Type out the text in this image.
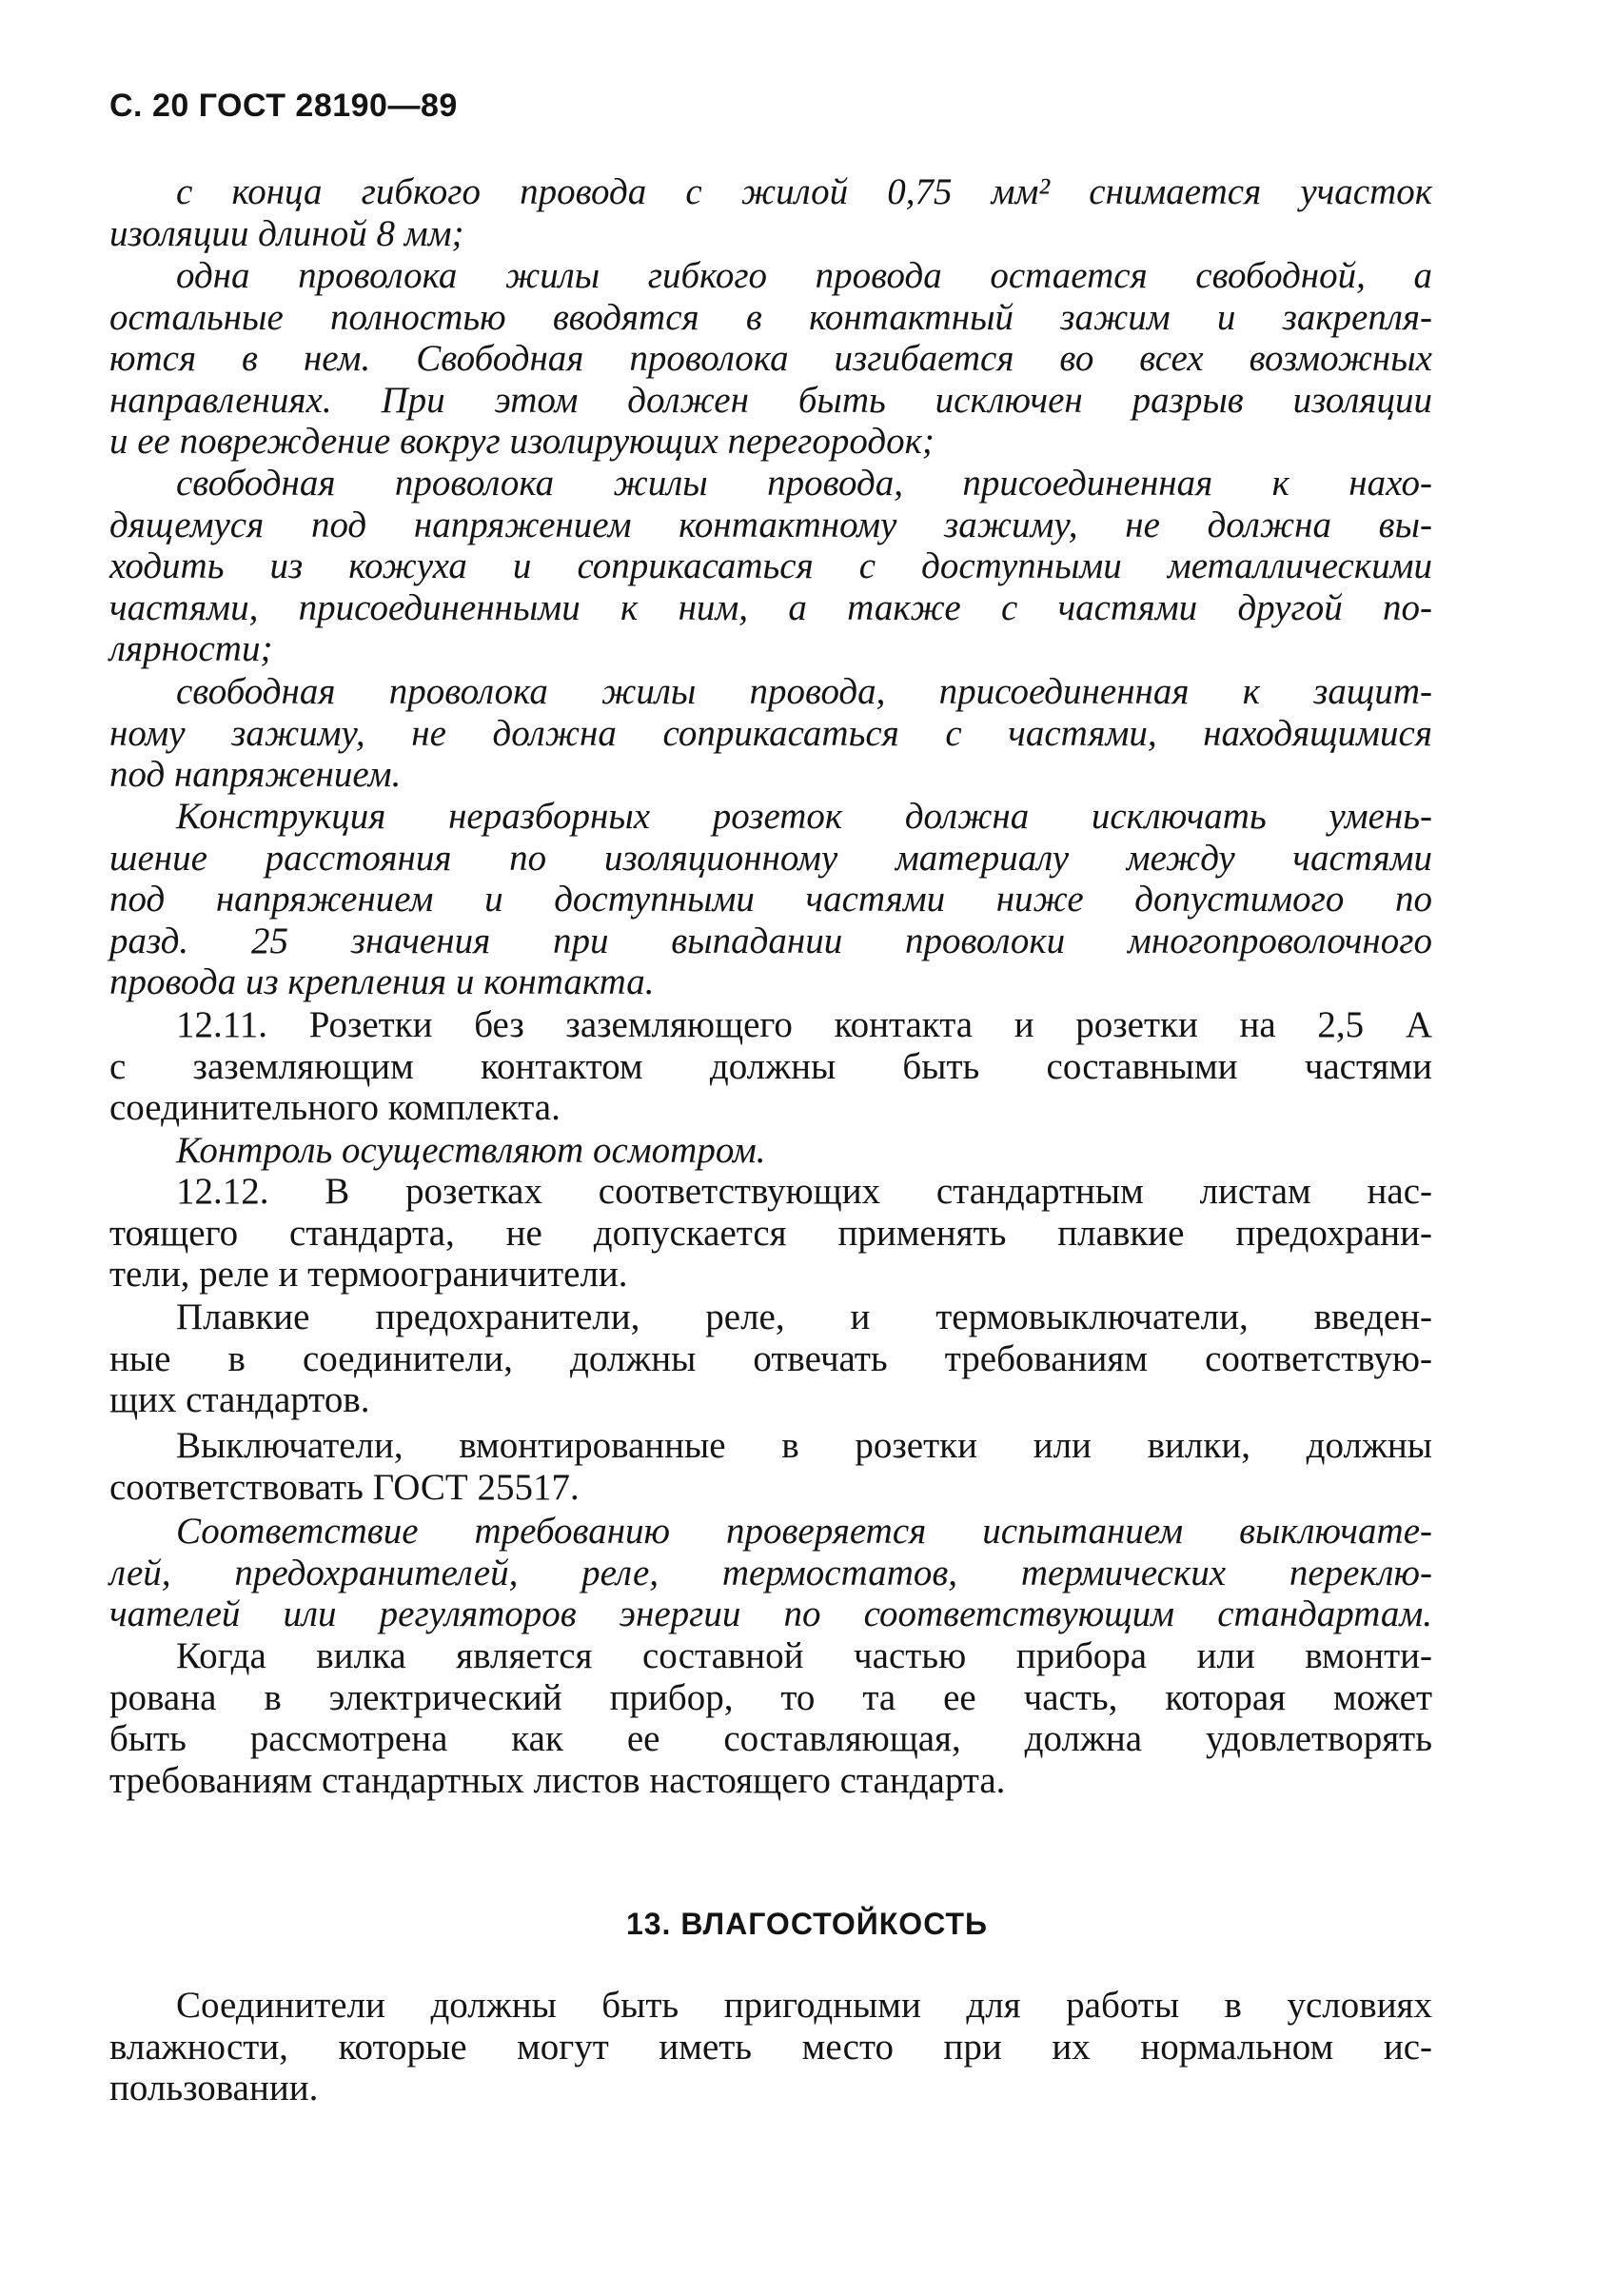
С. 20 ГОСТ 28190—89
с конца гибкого провода с жилой 0,75 мм² снимается участок
изоляции длиной 8 мм;
одна проволока жилы гибкого провода остается свободной, а
остальные полностью вводятся в контактный зажим и закрепля-
ются в нем. Свободная проволока изгибается во всех возможных
направлениях. При этом должен быть исключен разрыв изоляции
и ее повреждение вокруг изолирующих перегородок;
свободная проволока жилы провода, присоединенная к нахо-
дящемуся под напряжением контактному зажиму, не должна вы-
ходить из кожуха и соприкасаться с доступными металлическими
частями, присоединенными к ним, а также с частями другой по-
лярности;
свободная проволока жилы провода, присоединенная к защит-
ному зажиму, не должна соприкасаться с частями, находящимися
под напряжением.
Конструкция неразборных розеток должна исключать умень-
шение расстояния по изоляционному материалу между частями
под напряжением и доступными частями ниже допустимого по
разд. 25 значения при выпадании проволоки многопроволочного
провода из крепления и контакта.
12.11. Розетки без заземляющего контакта и розетки на 2,5 А
с заземляющим контактом должны быть составными частями
соединительного комплекта.
Контроль осуществляют осмотром.
12.12. В розетках соответствующих стандартным листам нас-
тоящего стандарта, не допускается применять плавкие предохрани-
тели, реле и термоограничители.
Плавкие предохранители, реле, и термовыключатели, введен-
ные в соединители, должны отвечать требованиям соответствую-
щих стандартов.
Выключатели, вмонтированные в розетки или вилки, должны
соответствовать ГОСТ 25517.
Соответствие требованию проверяется испытанием выключате-
лей, предохранителей, реле, термостатов, термических переклю-
чателей или регуляторов энергии по соответствующим стандартам.
Когда вилка является составной частью прибора или вмонти-
рована в электрический прибор, то та ее часть, которая может
быть рассмотрена как ее составляющая, должна удовлетворять
требованиям стандартных листов настоящего стандарта.
13. ВЛАГОСТОЙКОСТЬ
Соединители должны быть пригодными для работы в условиях
влажности, которые могут иметь место при их нормальном ис-
пользовании.
